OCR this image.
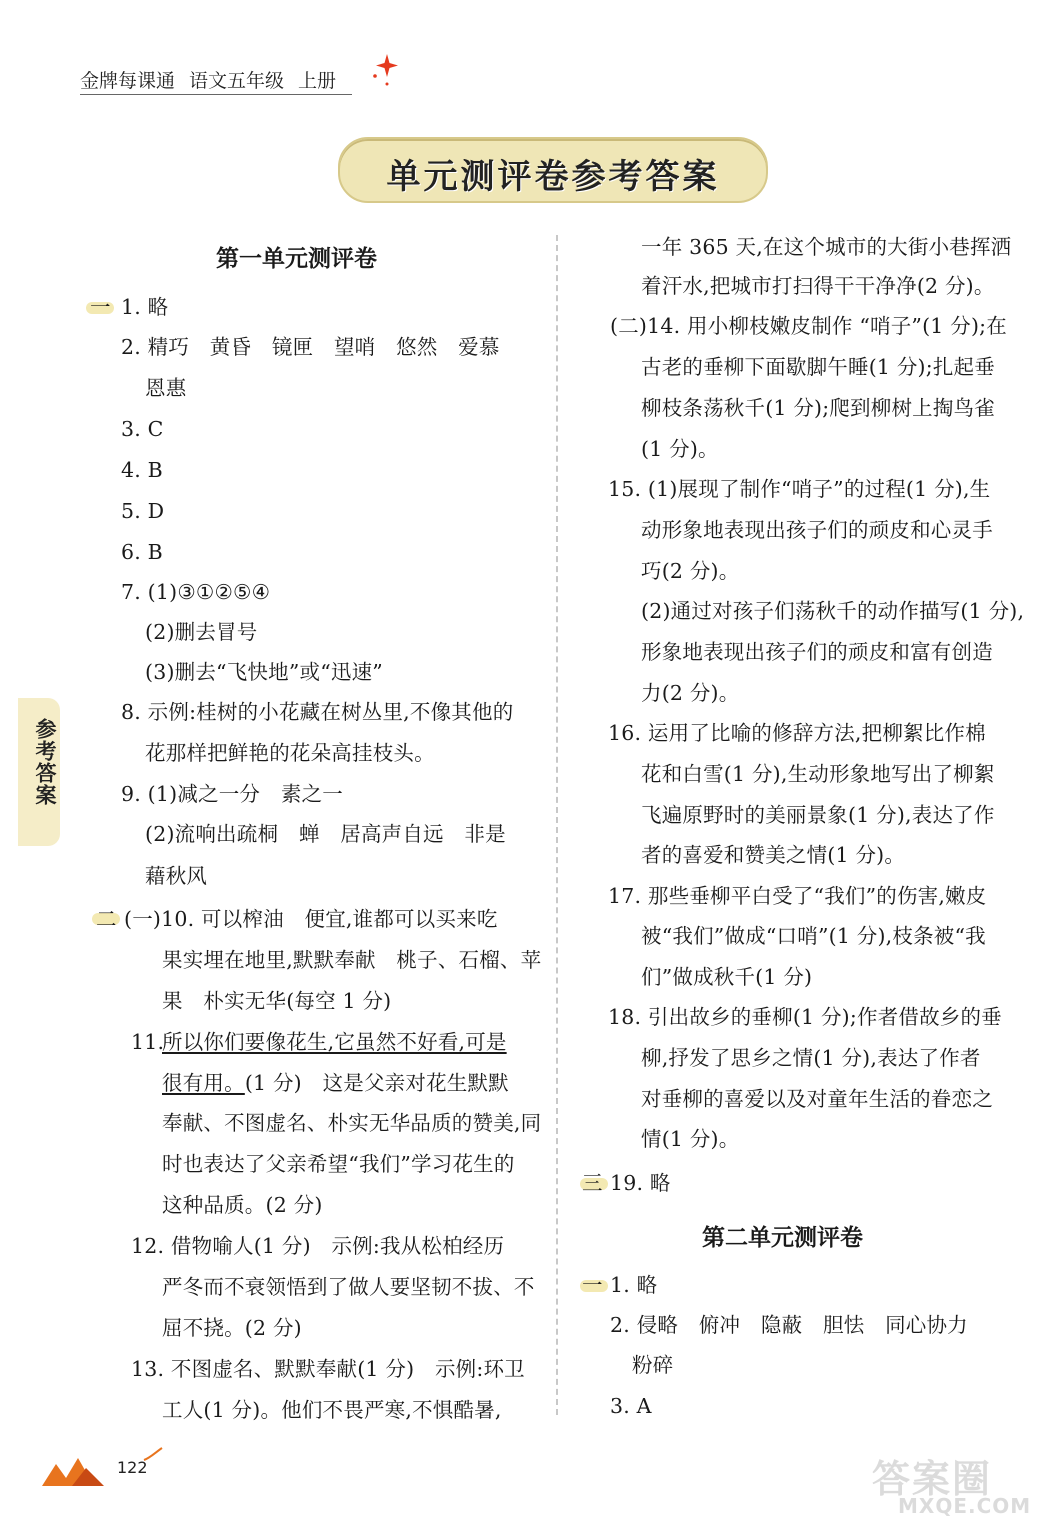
金牌每课通 语文五年级 上册
单元测评卷参考答案
参考答案
第一单元测评卷
一 1. 略
2. 精巧　黄昏　镜匣　望哨　悠然　爱慕
恩惠
3. C
4. B
5. D
6. B
7. (1)③①②⑤④
(2)删去冒号
(3)删去“飞快地”或“迅速”
8. 示例:桂树的小花藏在树丛里,不像其他的
花那样把鲜艳的花朵高挂枝头。
9. (1)减之一分　素之一
(2)流响出疏桐　蝉　居高声自远　非是
藉秋风
二 (一)10. 可以榨油　便宜,谁都可以买来吃
果实埋在地里,默默奉献　桃子、石榴、苹
果　朴实无华(每空 1 分)
11.
所以你们要像花生,它虽然不好看,可是
很有用。(1 分)　这是父亲对花生默默
奉献、不图虚名、朴实无华品质的赞美,同
时也表达了父亲希望“我们”学习花生的
这种品质。(2 分)
12. 借物喻人(1 分)　示例:我从松柏经历
严冬而不衰领悟到了做人要坚韧不拔、不
屈不挠。(2 分)
13. 不图虚名、默默奉献(1 分)　示例:环卫
工人(1 分)。他们不畏严寒,不惧酷暑,
一年 365 天,在这个城市的大街小巷挥洒
着汗水,把城市打扫得干干净净(2 分)。
(二)14. 用小柳枝嫩皮制作 “哨子”(1 分);在
古老的垂柳下面歇脚午睡(1 分);扎起垂
柳枝条荡秋千(1 分);爬到柳树上掏鸟雀
(1 分)。
15. (1)展现了制作“哨子”的过程(1 分),生
动形象地表现出孩子们的顽皮和心灵手
巧(2 分)。
(2)通过对孩子们荡秋千的动作描写(1 分),
形象地表现出孩子们的顽皮和富有创造
力(2 分)。
16. 运用了比喻的修辞方法,把柳絮比作棉
花和白雪(1 分),生动形象地写出了柳絮
飞遍原野时的美丽景象(1 分),表达了作
者的喜爱和赞美之情(1 分)。
17. 那些垂柳平白受了“我们”的伤害,嫩皮
被“我们”做成“口哨”(1 分),枝条被“我
们”做成秋千(1 分)
18. 引出故乡的垂柳(1 分);作者借故乡的垂
柳,抒发了思乡之情(1 分),表达了作者
对垂柳的喜爱以及对童年生活的眷恋之
情(1 分)。
三 19. 略
第二单元测评卷
一 1. 略
2. 侵略　俯冲　隐蔽　胆怯　同心协力
粉碎
3. A
122	答案圈
MXQE.COM
